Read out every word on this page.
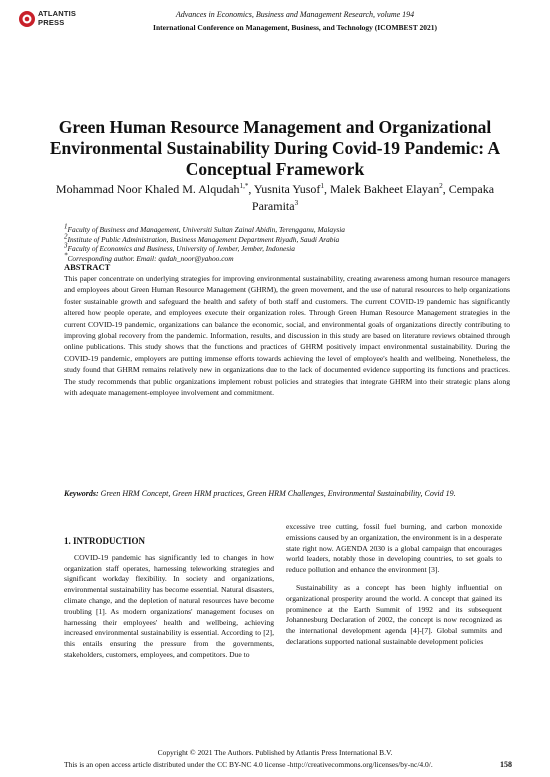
ATLANTIS
PRESS
Advances in Economics, Business and Management Research, volume 194
International Conference on Management, Business, and Technology (ICOMBEST 2021)
Green Human Resource Management and Organizational Environmental Sustainability During Covid-19 Pandemic: A Conceptual Framework
Mohammad Noor Khaled M. Alqudah$^{1,*}$, Yusnita Yusof$^1$, Malek Bakheet Elayan$^2$, Cempaka Paramita$^3$
$^1$Faculty of Business and Management, Universiti Sultan Zainal Abidin, Terengganu, Malaysia
$^2$Institute of Public Administration, Business Management Department Riyadh, Saudi Arabia
$^3$Faculty of Economics and Business, University of Jember, Jember, Indonesia
*Corresponding author. Email: qudah_noor@yahoo.com
ABSTRACT
This paper concentrate on underlying strategies for improving environmental sustainability, creating awareness among human resource managers and employees about Green Human Resource Management (GHRM), the green movement, and the use of natural resources to help organizations foster sustainable growth and safeguard the health and safety of both staff and customers. The current COVID-19 pandemic has significantly altered how people operate, and employees execute their organization roles. Through Green Human Resource Management strategies in the current COVID-19 pandemic, organizations can balance the economic, social, and environmental goals of organizations directly contributing to improving global recovery from the pandemic. Information, results, and discussion in this study are based on literature reviews obtained through online publications. This study shows that the functions and practices of GHRM positively impact environmental sustainability. During the COVID-19 pandemic, employers are putting immense efforts towards achieving the level of employee's health and wellbeing. Nonetheless, the study found that GHRM remains relatively new in organizations due to the lack of documented evidence supporting its functions and practices. The study recommends that public organizations implement robust policies and strategies that integrate GHRM into their strategic plans along with adequate management-employee involvement and commitment.
Keywords: Green HRM Concept, Green HRM practices, Green HRM Challenges, Environmental Sustainability, Covid 19.
1. INTRODUCTION

COVID-19 pandemic has significantly led to changes in how organization staff operates, harnessing teleworking strategies and significant workday flexibility. In society and organizations, environmental sustainability has become essential. Natural disasters, climate change, and the depletion of natural resources have become troubling [1]. As modern organizations' management focuses on harnessing their employees' health and wellbeing, achieving increased environmental sustainability is essential. According to [2], this entails ensuring the pressure from the governments, stakeholders, customers, employees, and competitors. Due to

excessive tree cutting, fossil fuel burning, and carbon monoxide emissions caused by an organization, the environment is in a desperate state right now. AGENDA 2030 is a global campaign that encourages world leaders, notably those in developing countries, to set goals to reduce pollution and enhance the environment [3].

Sustainability as a concept has been highly influential on organizational prosperity around the world. A concept that gained its prominence at the Earth Summit of 1992 and its subsequent Johannesburg Declaration of 2002, the concept is now recognized as the international development agenda [4]-[7]. Global summits and declarations supported national sustainable development policies

Copyright © 2021 The Authors. Published by Atlantis Press International B.V.
This is an open access article distributed under the CC BY-NC 4.0 license -http://creativecommons.org/licenses/by-nc/4.0/.	158
